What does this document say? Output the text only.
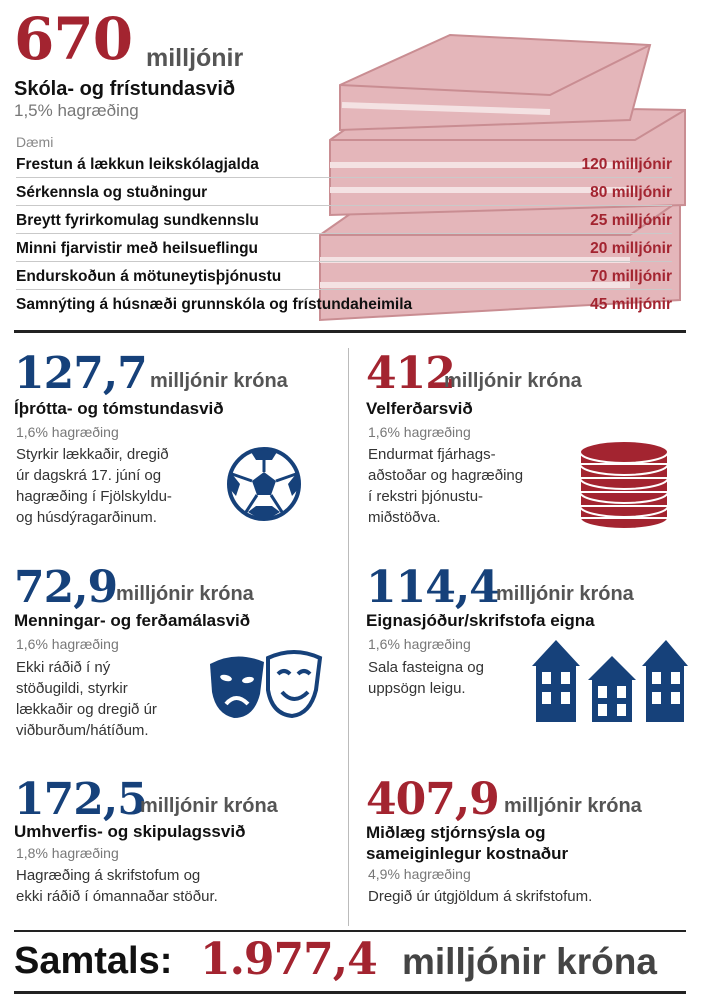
670 milljónir
Skóla- og frístundasvið
1,5% hagræðing
Dæmi
Frestun á lækkun leikskólagjalda	120 milljónir
Sérkennsla og stuðningur	80 milljónir
Breytt fyrirkomulag sundkennslu	25 milljónir
Minni fjarvistir með heilsueflingu	20 milljónir
Endurskoðun á mötuneytisþjónustu	70 milljónir
Samnýting á húsnæði grunnskóla og frístundaheimila	45 milljónir
127,7 milljónir króna
Íþrótta- og tómstundasvið
1,6% hagræðing
Styrkir lækkaðir, dregið
úr dagskrá 17. júní og
hagræðing í Fjölskyldu-
og húsdýragarðinum.
412
milljónir króna
Velferðarsvið
1,6% hagræðing
Endurmat fjárhags-
aðstoðar og hagræðing
í rekstri þjónustu-
miðstöðva.
72,9
milljónir króna
Menningar- og ferðamálasvið
1,6% hagræðing
Ekki ráðið í ný
stöðugildi, styrkir
lækkaðir og dregið úr
viðburðum/hátíðum.
114,4
milljónir króna
Eignasjóður/skrifstofa eigna
1,6% hagræðing
Sala fasteigna og
uppsögn leigu.
172,5
milljónir króna
Umhverfis- og skipulagssvið
1,8% hagræðing
Hagræðing á skrifstofum og
ekki ráðið í ómannaðar stöður.
407,9 milljónir króna
Miðlæg stjórnsýsla og
sameiginlegur kostnaður
4,9% hagræðing
Dregið úr útgjöldum á skrifstofum.
Samtals: 1.977,4 milljónir króna
